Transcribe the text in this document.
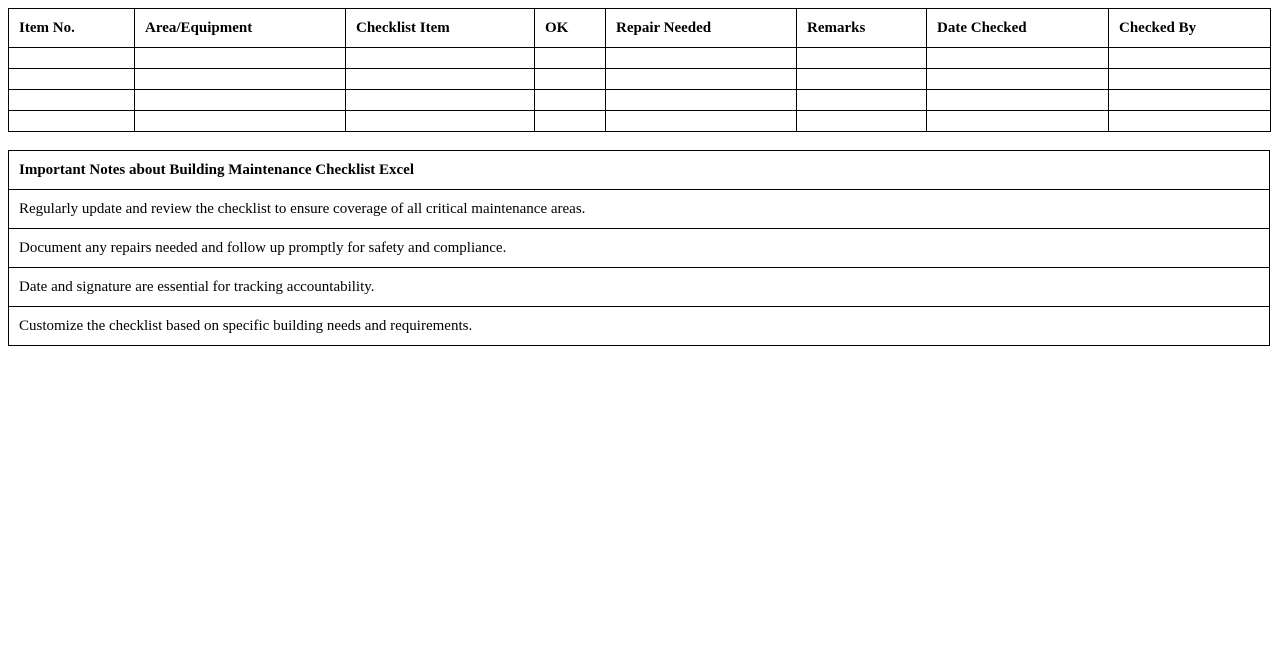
Item No.	Area/Equipment	Checklist Item	OK	Repair Needed	Remarks	Date Checked	Checked By

Important Notes about Building Maintenance Checklist Excel
Regularly update and review the checklist to ensure coverage of all critical maintenance areas.
Document any repairs needed and follow up promptly for safety and compliance.
Date and signature are essential for tracking accountability.
Customize the checklist based on specific building needs and requirements.
